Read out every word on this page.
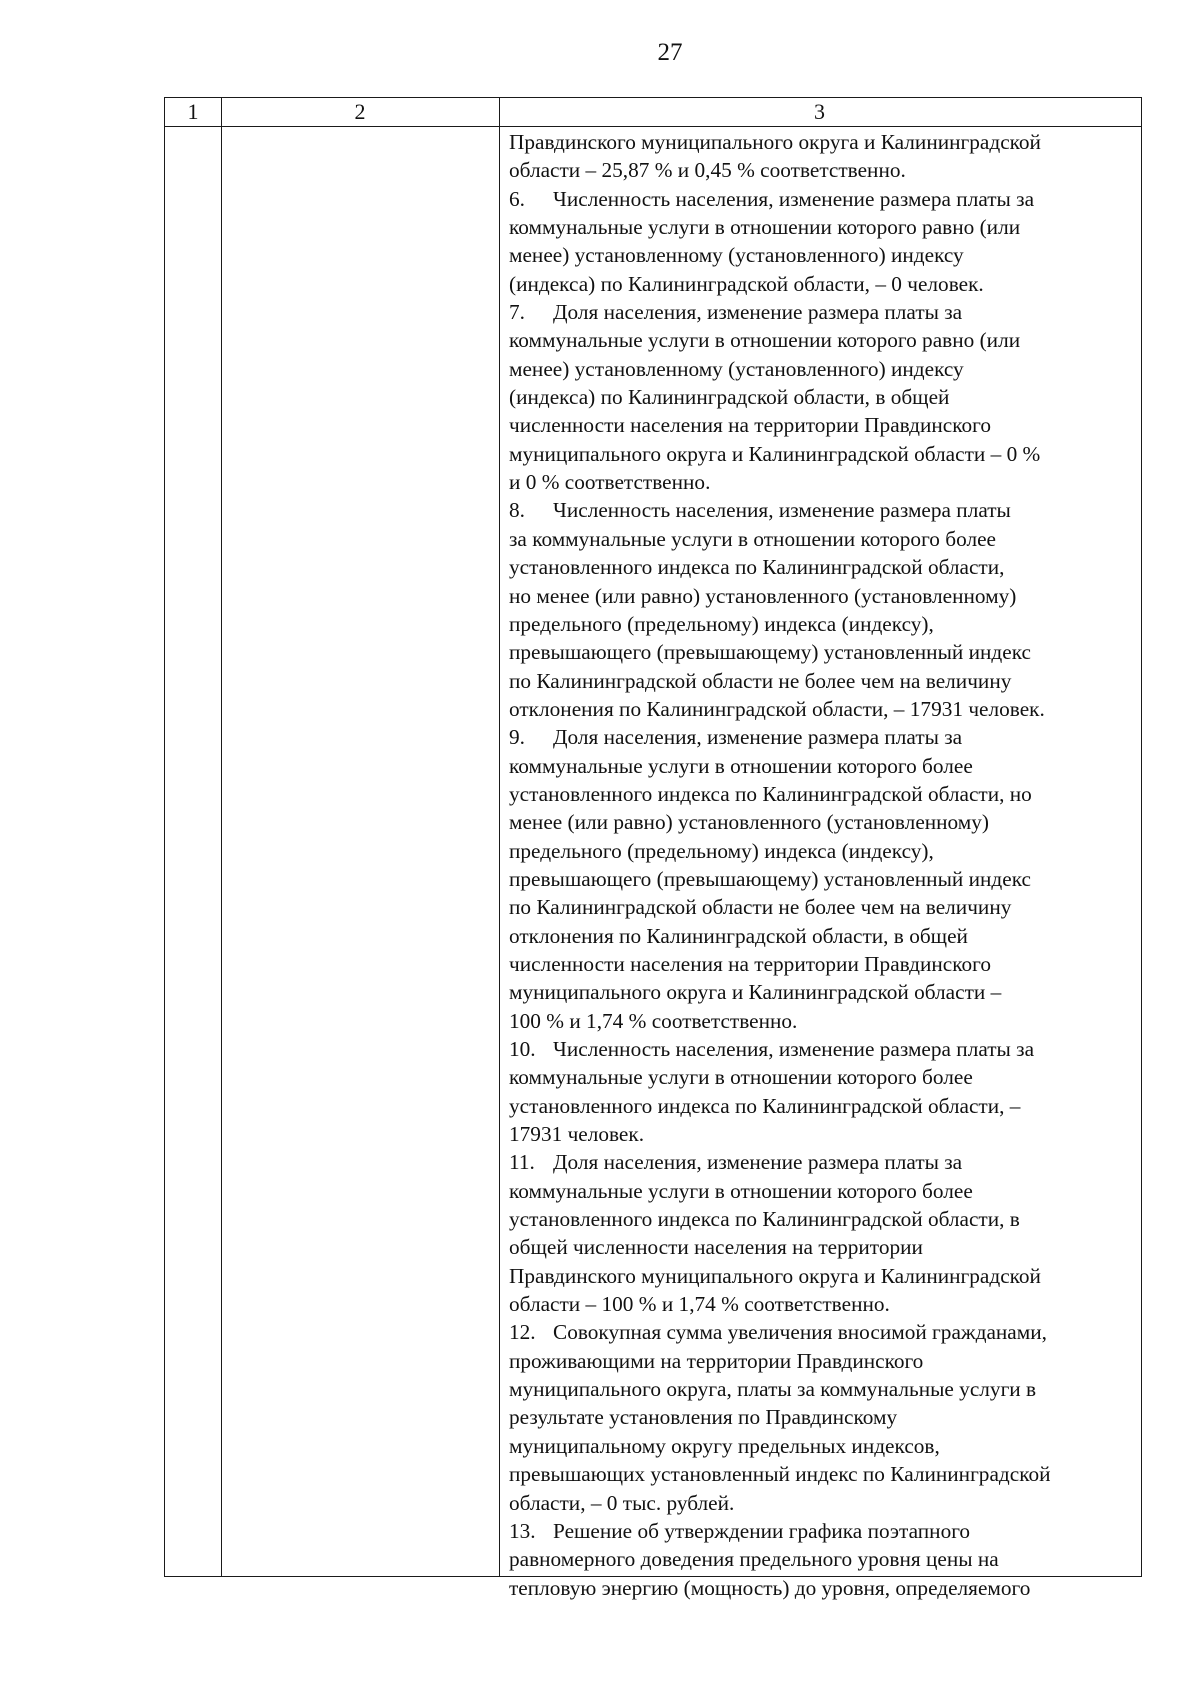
27
1	2	3
Правдинского муниципального округа и Калининградской
области – 25,87 % и 0,45 % соответственно.
6. Численность населения, изменение размера платы за
коммунальные услуги в отношении которого равно (или
менее) установленному (установленного) индексу
(индекса) по Калининградской области, – 0 человек.
7. Доля населения, изменение размера платы за
коммунальные услуги в отношении которого равно (или
менее) установленному (установленного) индексу
(индекса) по Калининградской области, в общей
численности населения на территории Правдинского
муниципального округа и Калининградской области – 0 %
и 0 % соответственно.
8. Численность населения, изменение размера платы
за коммунальные услуги в отношении которого более
установленного индекса по Калининградской области,
но менее (или равно) установленного (установленному)
предельного (предельному) индекса (индексу),
превышающего (превышающему) установленный индекс
по Калининградской области не более чем на величину
отклонения по Калининградской области, – 17931 человек.
9. Доля населения, изменение размера платы за
коммунальные услуги в отношении которого более
установленного индекса по Калининградской области, но
менее (или равно) установленного (установленному)
предельного (предельному) индекса (индексу),
превышающего (превышающему) установленный индекс
по Калининградской области не более чем на величину
отклонения по Калининградской области, в общей
численности населения на территории Правдинского
муниципального округа и Калининградской области –
100 % и 1,74 % соответственно.
10. Численность населения, изменение размера платы за
коммунальные услуги в отношении которого более
установленного индекса по Калининградской области, –
17931 человек.
11. Доля населения, изменение размера платы за
коммунальные услуги в отношении которого более
установленного индекса по Калининградской области, в
общей численности населения на территории
Правдинского муниципального округа и Калининградской
области – 100 % и 1,74 % соответственно.
12. Совокупная сумма увеличения вносимой гражданами,
проживающими на территории Правдинского
муниципального округа, платы за коммунальные услуги в
результате установления по Правдинскому
муниципальному округу предельных индексов,
превышающих установленный индекс по Калининградской
области, – 0 тыс. рублей.
13. Решение об утверждении графика поэтапного
равномерного доведения предельного уровня цены на
тепловую энергию (мощность) до уровня, определяемого
